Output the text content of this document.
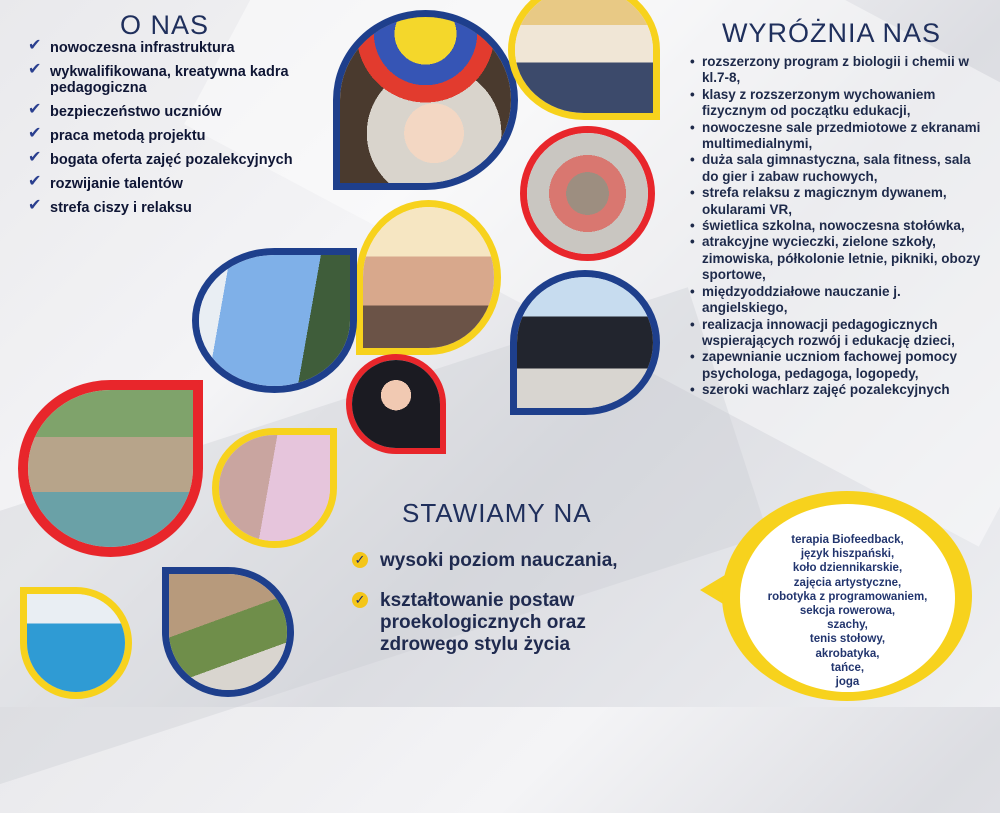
O NAS
✔ nowoczesna infrastruktura
✔ wykwalifikowana, kreatywna kadra pedagogiczna
✔ bezpieczeństwo uczniów
✔ praca metodą projektu
✔ bogata oferta zajęć pozalekcyjnych
✔ rozwijanie talentów
✔ strefa ciszy i relaksu
WYRÓŻNIA NAS
• rozszerzony program z biologii i chemii w kl.7-8,
• klasy z rozszerzonym wychowaniem fizycznym od początku edukacji,
• nowoczesne sale przedmiotowe z ekranami multimedialnymi,
• duża sala gimnastyczna, sala fitness, sala do gier i zabaw ruchowych,
• strefa relaksu z magicznym dywanem, okularami VR,
• świetlica szkolna, nowoczesna stołówka,
• atrakcyjne wycieczki, zielone szkoły, zimowiska, półkolonie letnie, pikniki, obozy sportowe,
• międzyoddziałowe nauczanie j. angielskiego,
• realizacja innowacji pedagogicznych wspierających rozwój i edukację dzieci,
• zapewnianie uczniom fachowej pomocy psychologa, pedagoga, logopedy,
• szeroki wachlarz zajęć pozalekcyjnych
STAWIAMY NA
✓ wysoki poziom nauczania,
✓ kształtowanie postaw proekologicznych oraz zdrowego stylu życia
terapia Biofeedback,
język hiszpański,
koło dziennikarskie,
zajęcia artystyczne,
robotyka z programowaniem,
sekcja rowerowa,
szachy,
tenis stołowy,
akrobatyka,
tańce,
joga
